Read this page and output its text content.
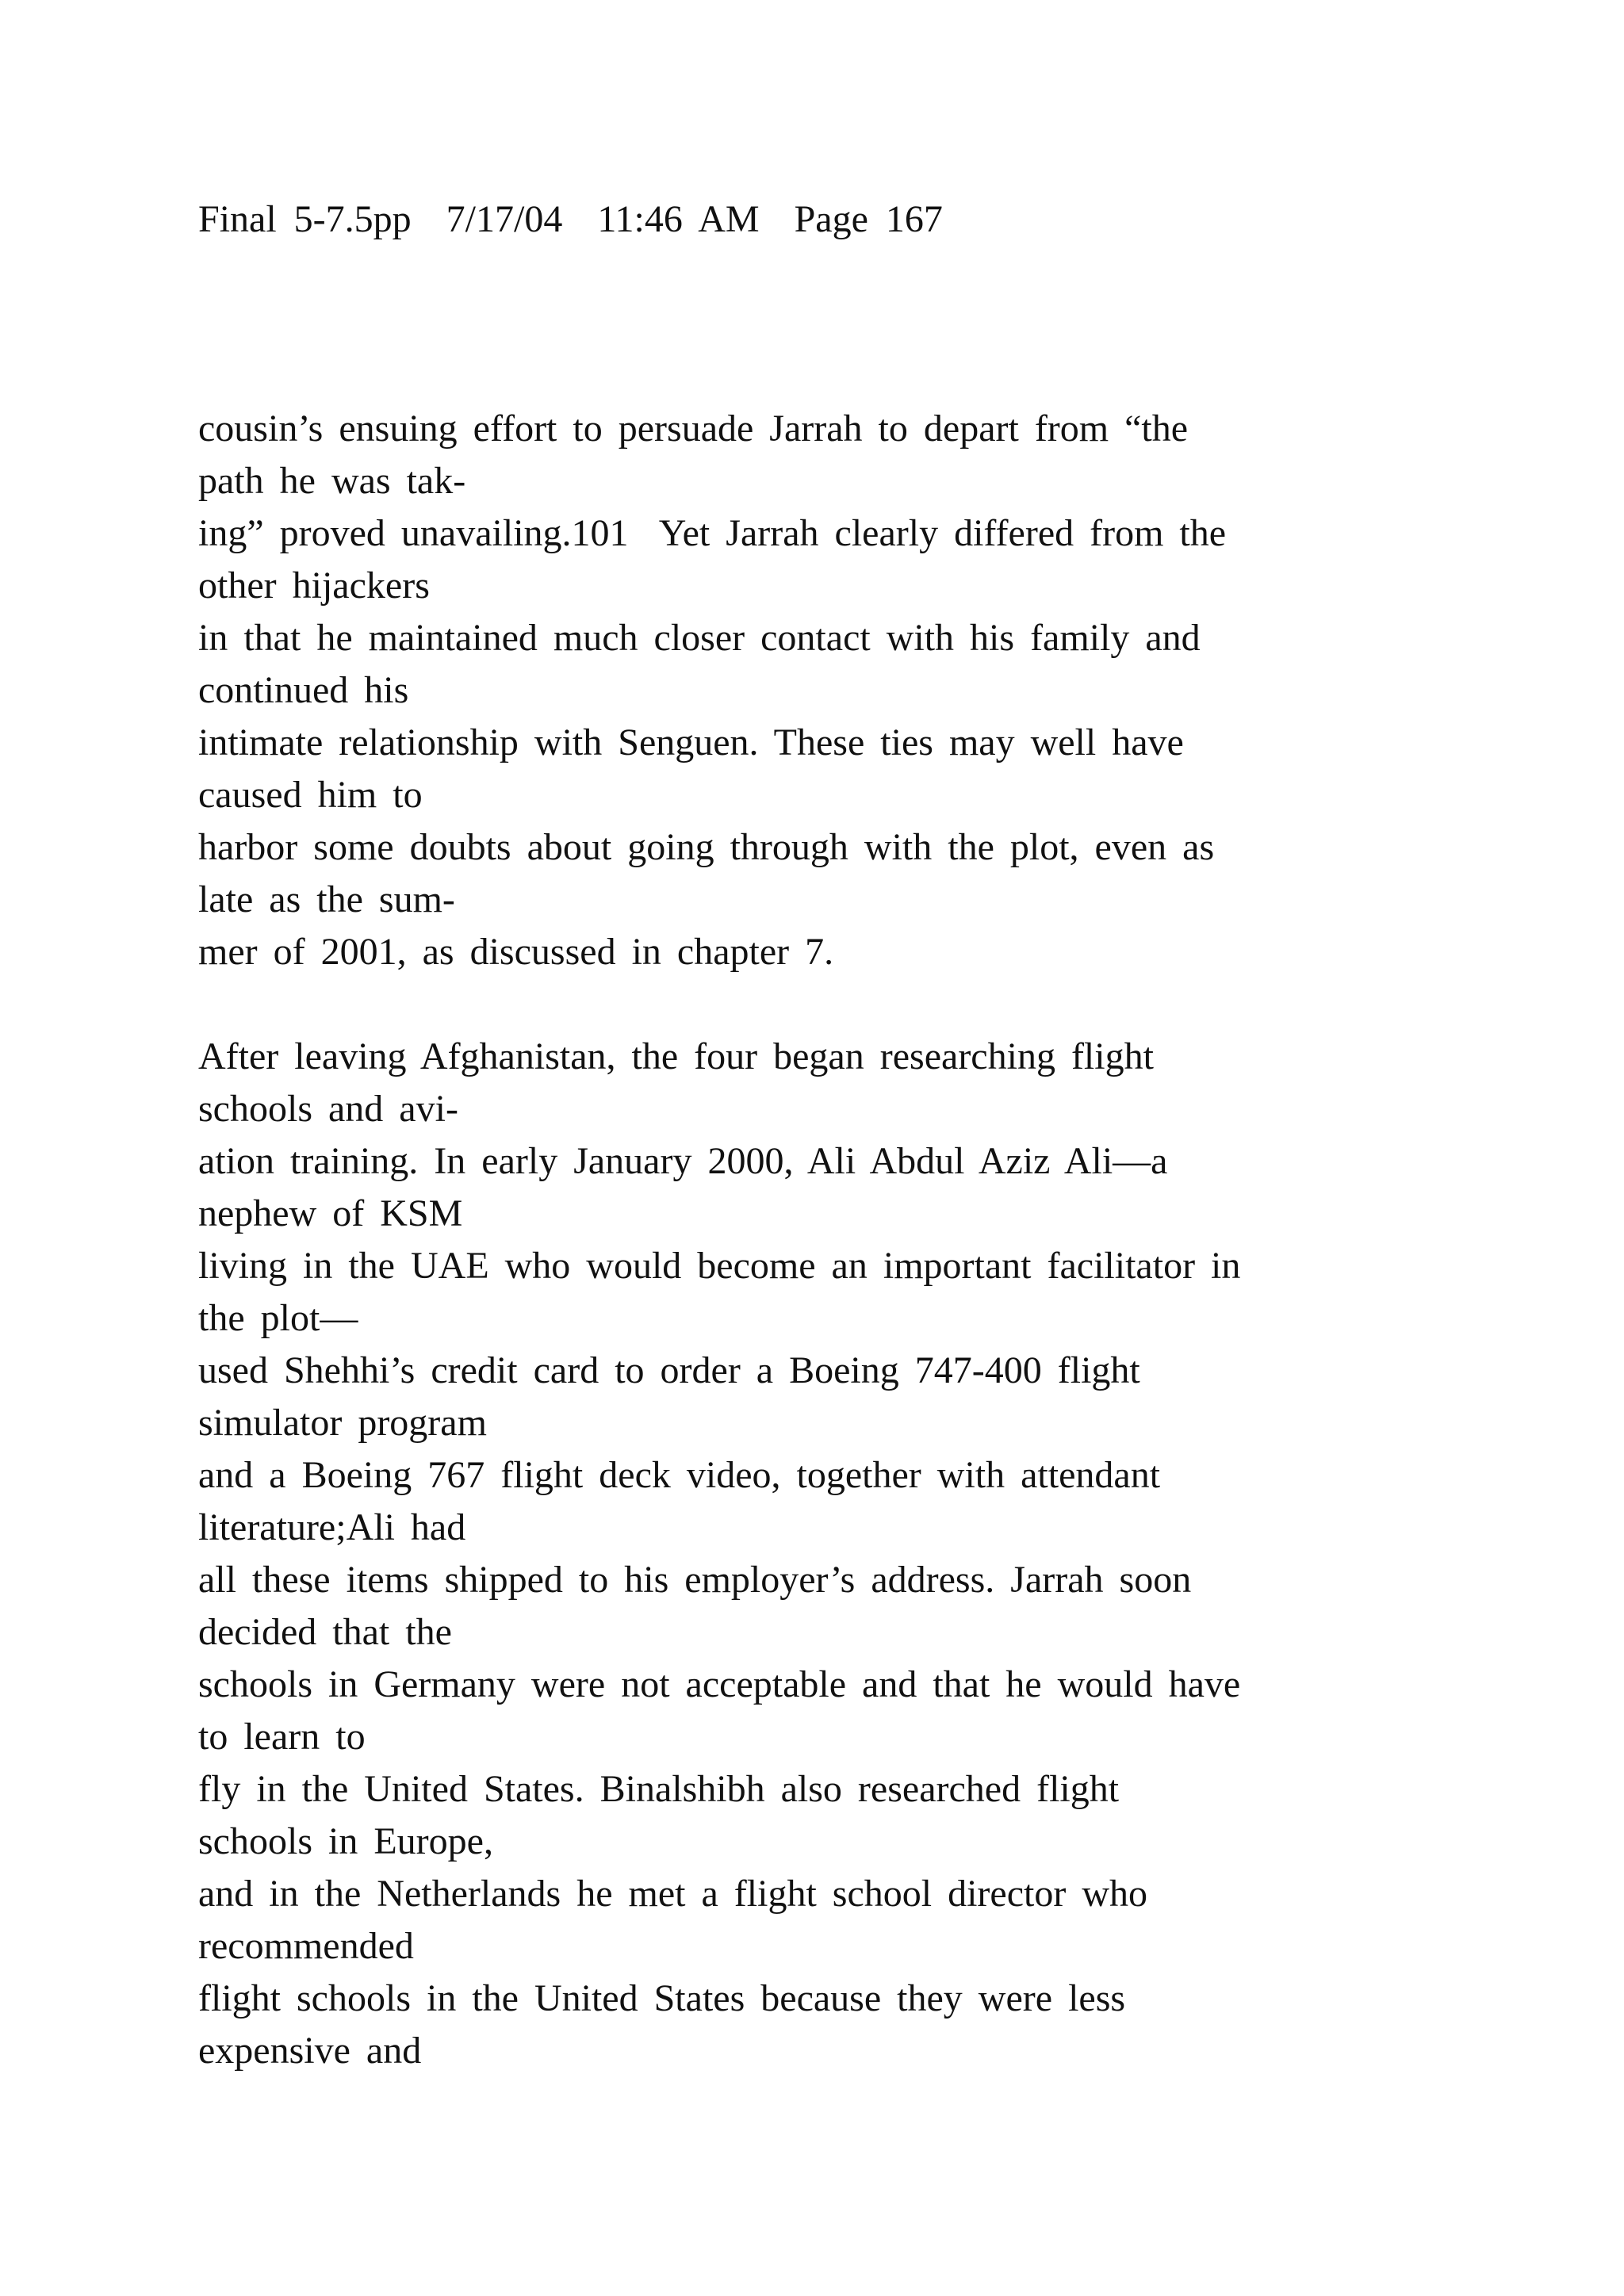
Final 5-7.5pp  7/17/04  11:46 AM  Page 167
cousin’s ensuing effort to persuade Jarrah to depart from “the
path he was tak-
ing” proved unavailing.101  Yet Jarrah clearly differed from the
other hijackers
in that he maintained much closer contact with his family and
continued his
intimate relationship with Senguen. These ties may well have
caused him to
harbor some doubts about going through with the plot, even as
late as the sum-
mer of 2001, as discussed in chapter 7.
After leaving Afghanistan, the four began researching flight
schools and avi-
ation training. In early January 2000, Ali Abdul Aziz Ali—a
nephew of KSM
living in the UAE who would become an important facilitator in
the plot—
used Shehhi’s credit card to order a Boeing 747-400 flight
simulator program
and a Boeing 767 flight deck video, together with attendant
literature;Ali had
all these items shipped to his employer’s address. Jarrah soon
decided that the
schools in Germany were not acceptable and that he would have
to learn to
fly in the United States. Binalshibh also researched flight
schools in Europe,
and in the Netherlands he met a flight school director who
recommended
flight schools in the United States because they were less
expensive and
